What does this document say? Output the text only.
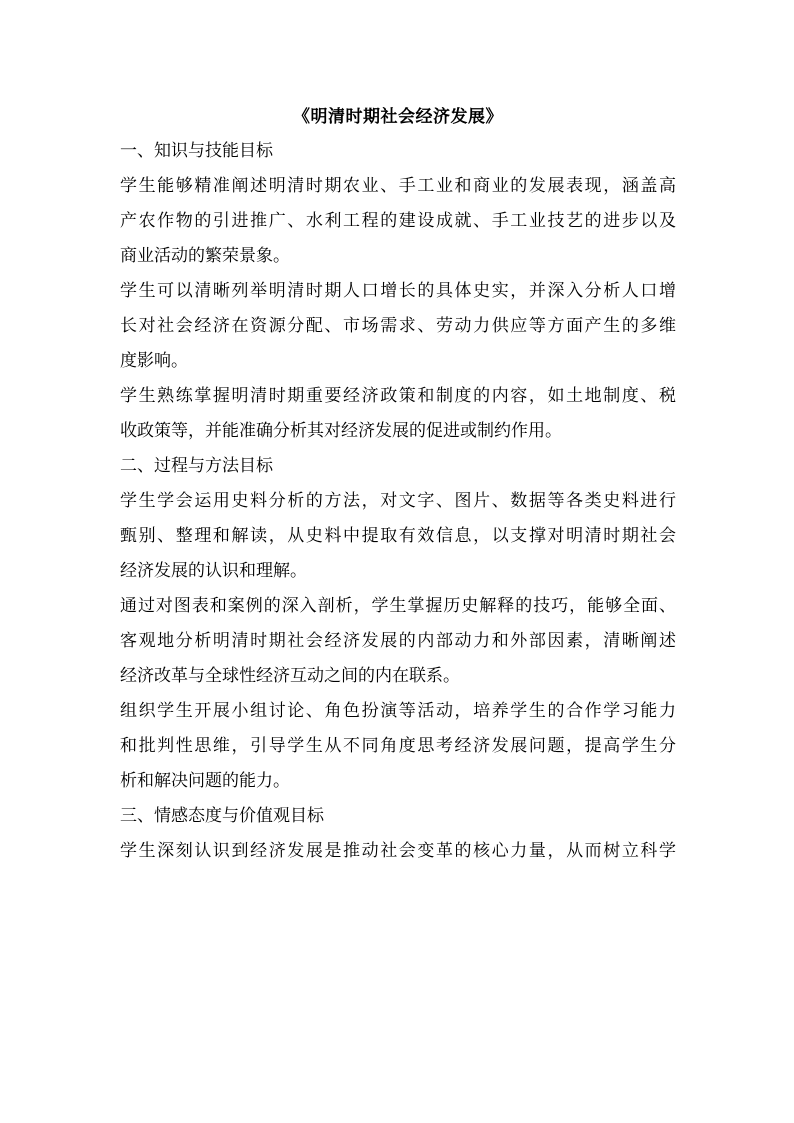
《明清时期社会经济发展》
一、知识与技能目标
学生能够精准阐述明清时期农业、手工业和商业的发展表现，涵盖高
产农作物的引进推广、水利工程的建设成就、手工业技艺的进步以及
商业活动的繁荣景象。
学生可以清晰列举明清时期人口增长的具体史实，并深入分析人口增
长对社会经济在资源分配、市场需求、劳动力供应等方面产生的多维
度影响。
学生熟练掌握明清时期重要经济政策和制度的内容，如土地制度、税
收政策等，并能准确分析其对经济发展的促进或制约作用。
二、过程与方法目标
学生学会运用史料分析的方法，对文字、图片、数据等各类史料进行
甄别、整理和解读，从史料中提取有效信息，以支撑对明清时期社会
经济发展的认识和理解。
通过对图表和案例的深入剖析，学生掌握历史解释的技巧，能够全面、
客观地分析明清时期社会经济发展的内部动力和外部因素，清晰阐述
经济改革与全球性经济互动之间的内在联系。
组织学生开展小组讨论、角色扮演等活动，培养学生的合作学习能力
和批判性思维，引导学生从不同角度思考经济发展问题，提高学生分
析和解决问题的能力。
三、情感态度与价值观目标
学生深刻认识到经济发展是推动社会变革的核心力量，从而树立科学
